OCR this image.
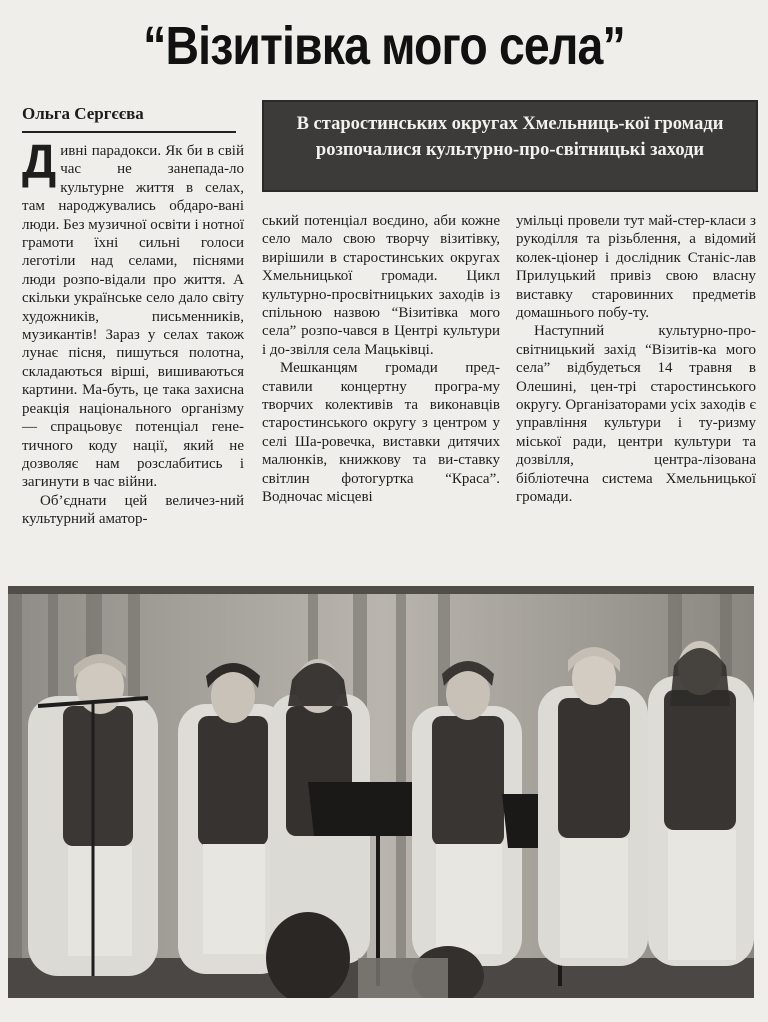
“Візитівка мого села”
Ольга Сергєєва

В старостинських округах Хмельниць-кої громади розпочалися культурно-про-світницькі заходи

Дивні парадокси. Як би в свій час не занепада-ло культурне життя в селах, там народжувались обдаро-вані люди. Без музичної освіти і нотної грамоти їхні сильні голоси леготіли над селами, піснями люди розпо-відали про життя. А скільки українське село дало світу художників, письменників, музикантів! Зараз у селах також лунає пісня, пишуться полотна, складаються вірші, вишиваються картини. Ма-буть, це така захисна реакція національного організму — спрацьовує потенціал гене-тичного коду нації, який не дозволяє нам розслабитись і загинути в час війни.

Об’єднати цей величез-ний культурний аматор-

ський потенціал воєдино, аби кожне село мало свою творчу візитівку, вирішили в старостинських округах Хмельницької громади. Цикл культурно-просвітницьких заходів із спільною назвою “Візитівка мого села” розпо-чався в Центрі культури і до-звілля села Мацьківці.

Мешканцям громади пред-ставили концертну програ-му творчих колективів та виконавців старостинського округу з центром у селі Ша-ровечка, виставки дитячих малюнків, книжкову та ви-ставку світлин фотогуртка “Краса”. Водночас місцеві

умільці провели тут май-стер-класи з рукоділля та різьблення, а відомий колек-ціонер і дослідник Станіс-лав Прилуцький привіз свою власну виставку старовинних предметів домашнього побу-ту.

Наступний культурно-про-світницький захід “Візитів-ка мого села” відбудеться 14 травня в Олешині, цен-трі старостинського округу. Організаторами усіх заходів є управління культури і ту-ризму міської ради, центри культури та дозвілля, центра-лізована бібліотечна система Хмельницької громади.
